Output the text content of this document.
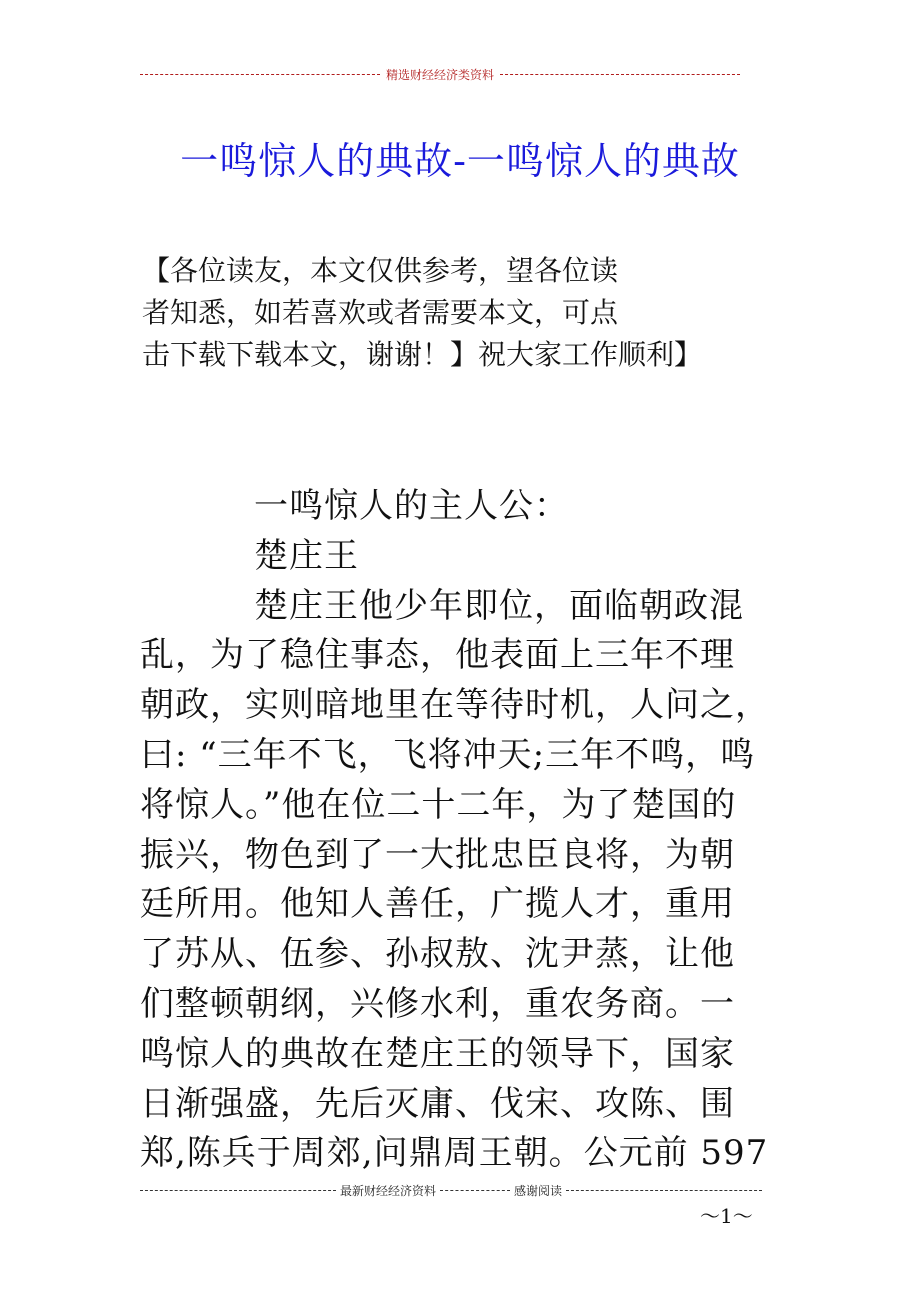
精选财经经济类资料
一鸣惊人的典故-一鸣惊人的典故
【各位读友，本文仅供参考，望各位读
者知悉，如若喜欢或者需要本文，可点
击下载下载本文，谢谢！】祝大家工作顺利】
一鸣惊人的主人公：
楚庄王
楚庄王他少年即位，面临朝政混
乱，为了稳住事态，他表面上三年不理
朝政，实则暗地里在等待时机，人问之，
曰: “三年不飞，飞将冲天;三年不鸣，鸣
将惊人。”他在位二十二年，为了楚国的
振兴，物色到了一大批忠臣良将，为朝
廷所用。他知人善任，广揽人才，重用
了苏从、伍参、孙叔敖、沈尹蒸，让他
们整顿朝纲，兴修水利，重农务商。一
鸣惊人的典故在楚庄王的领导下，国家
日渐强盛，先后灭庸、伐宋、攻陈、围
郑,陈兵于周郊,问鼎周王朝。公元前 597
最新财经经济资料	感谢阅读
～1～
